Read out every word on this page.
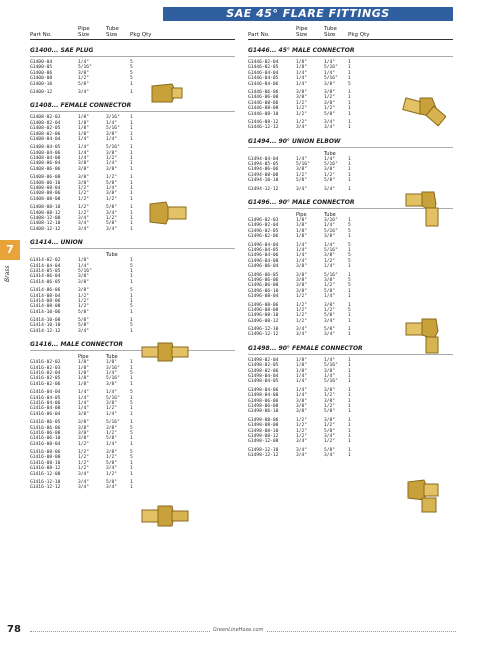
SAE 45° FLARE FITTINGS
7
Brass
Part No.
Pipe
Size
Tube
Size Pkg Qty
G1400... SAE PLUG
G1400-04	1/4"	5
G1400-05	5/16"	5
G1400-06	3/8"	5
G1400-08	1/2"	5
G1400-10	5/8"	1
G1400-12	3/4"	1
G1408... FEMALE CONNECTOR
G1408-02-03	1/8"	3/16" 1
G1408-02-04	1/8"	1/4"	1
G1408-02-05	1/8"	5/16" 1
G1408-02-06	1/8"	3/8"	1
G1408-04-04	1/4"	1/4"	1
G1408-04-05	1/4"	5/16" 1
G1408-04-06	1/4"	3/8"	1
G1408-04-08	1/4"	1/2"	1
G1408-06-04	3/8"	1/4"	1
G1408-06-06	3/8"	3/8"	1
G1408-06-08	3/8"	1/2"	1
G1408-06-10	3/8"	5/8"	1
G1408-08-04	1/2"	1/4"	1
G1408-08-06	1/2"	3/8"	1
G1408-08-08	1/2"	1/2"	1
G1408-08-10	1/2"	5/8"	1
G1408-08-12	1/2"	3/4"	1
G1408-12-08	3/4"	1/2"	1
G1408-12-10	3/4"	5/8"	1
G1408-12-12	3/4"	3/4"	1
G1414... UNION
Tube
G1414-02-02	1/8"	1
G1414-04-04	1/4"	5
G1414-05-05	5/16"	1
G1414-06-04	3/8"	1
G1414-06-05	3/8"	1
G1414-06-06	3/8"	5
G1414-08-04	1/2"	1
G1414-08-06	1/2"	1
G1414-08-08	1/2"	5
G1414-10-06	5/8"	1
G1414-10-08	5/8"	1
G1414-10-10	5/8"	5
G1414-12-12	3/4"	1
G1416... MALE CONNECTOR
Pipe	Tube
G1416-02-02	1/8"	1/8"	1
G1416-02-03	1/8"	3/16" 1
G1416-02-04	1/8"	1/4"	5
G1416-02-05	1/8"	5/16" 1
G1416-02-06	1/8"	3/8"	1
G1416-04-04	1/4"	1/4"	5
G1416-04-05	1/4"	5/16" 1
G1416-04-06	1/4"	3/8"	5
G1416-04-08	1/4"	1/2"	1
G1416-06-04	3/8"	1/4"	1
G1416-06-05	3/8"	5/16" 1
G1416-06-06	3/8"	3/8"	5
G1416-06-08	3/8"	1/2"	5
G1416-06-10	3/8"	5/8"	1
G1416-08-04	1/2"	1/4"	1
G1416-08-06	1/2"	3/8"	5
G1416-08-08	1/2"	1/2"	5
G1416-08-10	1/2"	5/8"	1
G1416-08-12	1/2"	3/4"	1
G1416-12-08	3/4"	1/2"	1
G1416-12-10	3/4"	5/8"	1
G1416-12-12	3/4"	3/4"	1
Part No.
Pipe
Size
Tube
Size Pkg Qty
G1446... 45° MALE CONNECTOR
G1446-02-04	1/8"	1/4"	1
G1446-02-05	1/8"	5/16" 1
G1446-04-04	1/4"	1/4"	1
G1446-04-05	1/4"	5/16" 1
G1446-04-06	1/4"	3/8"	5
G1446-06-06	3/8"	3/8"	1
G1446-06-08	3/8"	1/2"	1
G1446-08-06	1/2"	3/8"	1
G1446-08-08	1/2"	1/2"	1
G1446-08-10	1/2"	5/8"	1
G1446-08-12	1/2"	3/4"	1
G1446-12-12	3/4"	3/4"	1
G1494... 90° UNION ELBOW
Tube
G1494-04-04	1/4"	1/4"	1
G1494-05-05	5/16"	5/16" 1
G1494-06-06	3/8"	3/8"	1
G1494-08-08	1/2"	1/2"	1
G1494-10-10	5/8"	5/8"	1
G1494-12-12	3/4"	3/4"	1
G1496... 90° MALE CONNECTOR
Pipe	Tube
G1496-02-03	1/8"	3/16" 1
G1496-02-04	1/8"	1/4"	5
G1496-02-05	1/8"	5/16" 5
G1496-02-06	1/8"	3/8"	1
G1496-04-04	1/4"	1/4"	5
G1496-04-05	1/4"	5/16" 1
G1496-04-06	1/4"	3/8"	5
G1496-04-08	1/4"	1/2"	5
G1496-06-04	3/8"	1/4"	1
G1496-06-05	3/8"	5/16" 1
G1496-06-06	3/8"	3/8"	5
G1496-06-08	3/8"	1/2"	5
G1496-06-10	3/8"	5/8"	1
G1496-08-04	1/2"	1/4"	1
G1496-08-06	1/2"	3/8"	1
G1496-08-08	1/2"	1/2"	5
G1496-08-10	1/2"	5/8"	1
G1496-08-12	1/2"	3/4"	1
G1496-12-10	3/4"	5/8"	1
G1496-12-12	3/4"	3/4"	1
G1498... 90° FEMALE CONNECTOR
G1498-02-04	1/8"	1/4"	1
G1498-02-05	1/8"	5/16" 1
G1498-02-06	1/8"	3/8"	1
G1498-04-04	1/4"	1/4"	1
G1498-04-05	1/4"	5/16" 1
G1498-04-06	1/4"	3/8"	1
G1498-04-08	1/4"	1/2"	1
G1498-06-06	3/8"	3/8"	1
G1498-06-08	3/8"	1/2"	1
G1498-06-10	3/8"	5/8"	1
G1498-08-06	1/2"	3/8"	1
G1498-08-08	1/2"	1/2"	1
G1498-08-10	1/2"	5/8"	1
G1498-08-12	1/2"	3/4"	1
G1498-12-08	3/4"	1/2"	1
G1498-12-10	3/4"	5/8"	1
G1498-12-12	3/4"	3/4"	1
GreenLineHose.com
78
